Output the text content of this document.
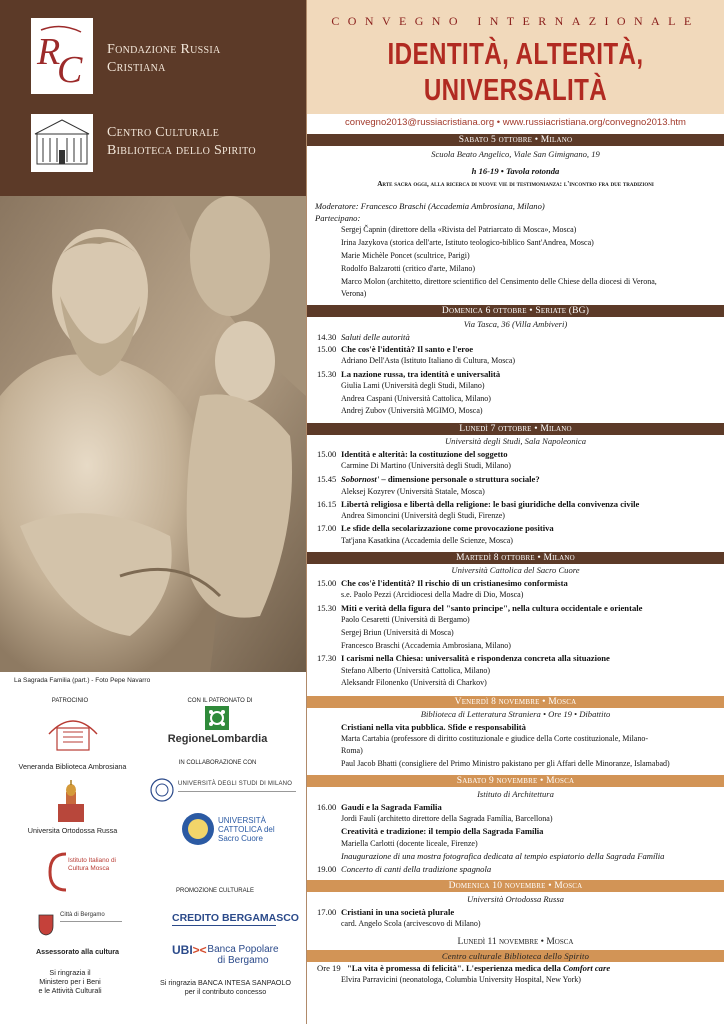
R
C Fondazione Russia
Cristiana
Centro Culturale
Biblioteca dello Spirito
La Sagrada Familia (part.) - Foto Pepe Navarro
PATROCINIO	CON IL PATRONATO DI
Veneranda Biblioteca Ambrosiana
RegioneLombardia
IN COLLABORAZIONE CON
UNIVERSITÀ DEGLI STUDI DI MILANO
Universita Ortodossa Russa
UNIVERSITÀ CATTOLICA del Sacro Cuore
Istituto Italiano di Cultura Mosca
PROMOZIONE CULTURALE
Città di Bergamo
Assessorato alla cultura
CREDITO BERGAMASCO
UBI>< Banca Popolare di Bergamo
Si ringrazia il
Ministero per i Beni
e le Attività Culturali
Si ringrazia BANCA INTESA SANPAOLO
per il contributo concesso
CONVEGNO INTERNAZIONALE
IDENTITÀ, ALTERITÀ,
UNIVERSALITÀ
convegno2013@russiacristiana.org • www.russiacristiana.org/convegno2013.htm
Sabato 5 ottobre • Milano
Scuola Beato Angelico, Viale San Gimignano, 19
h 16-19 • Tavola rotonda
Arte sacra oggi, alla ricerca di nuove vie di testimonianza: l'incontro fra due tradizioni
Moderatore: Francesco Braschi (Accademia Ambrosiana, Milano)
Partecipano:
Sergej Čapnin (direttore della «Rivista del Patriarcato di Mosca», Mosca)
Irina Jazykova (storica dell'arte, Istituto teologico-biblico Sant'Andrea, Mosca)
Marie Michèle Poncet (scultrice, Parigi)
Rodolfo Balzarotti (critico d'arte, Milano)
Marco Molon (architetto, direttore scientifico del Censimento delle Chiese della diocesi di Verona,
Verona)
Domenica 6 ottobre • Seriate (BG)
Via Tasca, 36 (Villa Ambiveri)
14.30 Saluti delle autorità
15.00 Che cos'è l'identità? Il santo e l'eroe
Adriano Dell'Asta (Istituto Italiano di Cultura, Mosca)
15.30 La nazione russa, tra identità e universalità
Giulia Lami (Università degli Studi, Milano)
Andrea Caspani (Università Cattolica, Milano)
Andrej Zubov (Università MGIMO, Mosca)
Lunedì 7 ottobre • Milano
Università degli Studi, Sala Napoleonica
15.00 Identità e alterità: la costituzione del soggetto
Carmine Di Martino (Università degli Studi, Milano)
15.45 Sobornost' – dimensione personale o struttura sociale?
Aleksej Kozyrev (Università Statale, Mosca)
16.15 Libertà religiosa e libertà della religione: le basi giuridiche della convivenza civile
Andrea Simoncini (Università degli Studi, Firenze)
17.00 Le sfide della secolarizzazione come provocazione positiva
Tat'jana Kasatkina (Accademia delle Scienze, Mosca)
Martedì 8 ottobre • Milano
Università Cattolica del Sacro Cuore
15.00 Che cos'è l'identità? Il rischio di un cristianesimo conformista
s.e. Paolo Pezzi (Arcidiocesi della Madre di Dio, Mosca)
15.30 Miti e verità della figura del "santo principe", nella cultura occidentale e orientale
Paolo Cesaretti (Università di Bergamo)
Sergej Briun (Università di Mosca)
Francesco Braschi (Accademia Ambrosiana, Milano)
17.30 I carismi nella Chiesa: universalità e rispondenza concreta alla situazione
Stefano Alberto (Università Cattolica, Milano)
Aleksandr Filonenko (Università di Charkov)
Venerdì 8 novembre • Mosca
Biblioteca di Letteratura Straniera • Ore 19 • Dibattito
Cristiani nella vita pubblica. Sfide e responsabilità
Marta Cartabia (professore di diritto costituzionale e giudice della Corte costituzionale, Milano-
Roma)
Paul Jacob Bhatti (consigliere del Primo Ministro pakistano per gli Affari delle Minoranze, Islamabad)
Sabato 9 novembre • Mosca
Istituto di Architettura
16.00 Gaudí e la Sagrada Família
Jordi Faulí (architetto direttore della Sagrada Família, Barcellona)
Creatività e tradizione: il tempio della Sagrada Família
Mariella Carlotti (docente liceale, Firenze)
Inaugurazione di una mostra fotografica dedicata al tempio espiatorio della Sagrada Família
19.00 Concerto di canti della tradizione spagnola
Domenica 10 novembre • Mosca
Università Ortodossa Russa
17.00 Cristiani in una società plurale
card. Angelo Scola (arcivescovo di Milano)
Lunedì 11 novembre • Mosca
Centro culturale Biblioteca dello Spirito
Ore 19 "La vita è promessa di felicità". L'esperienza medica della Comfort care
Elvira Parravicini (neonatologa, Columbia University Hospital, New York)
